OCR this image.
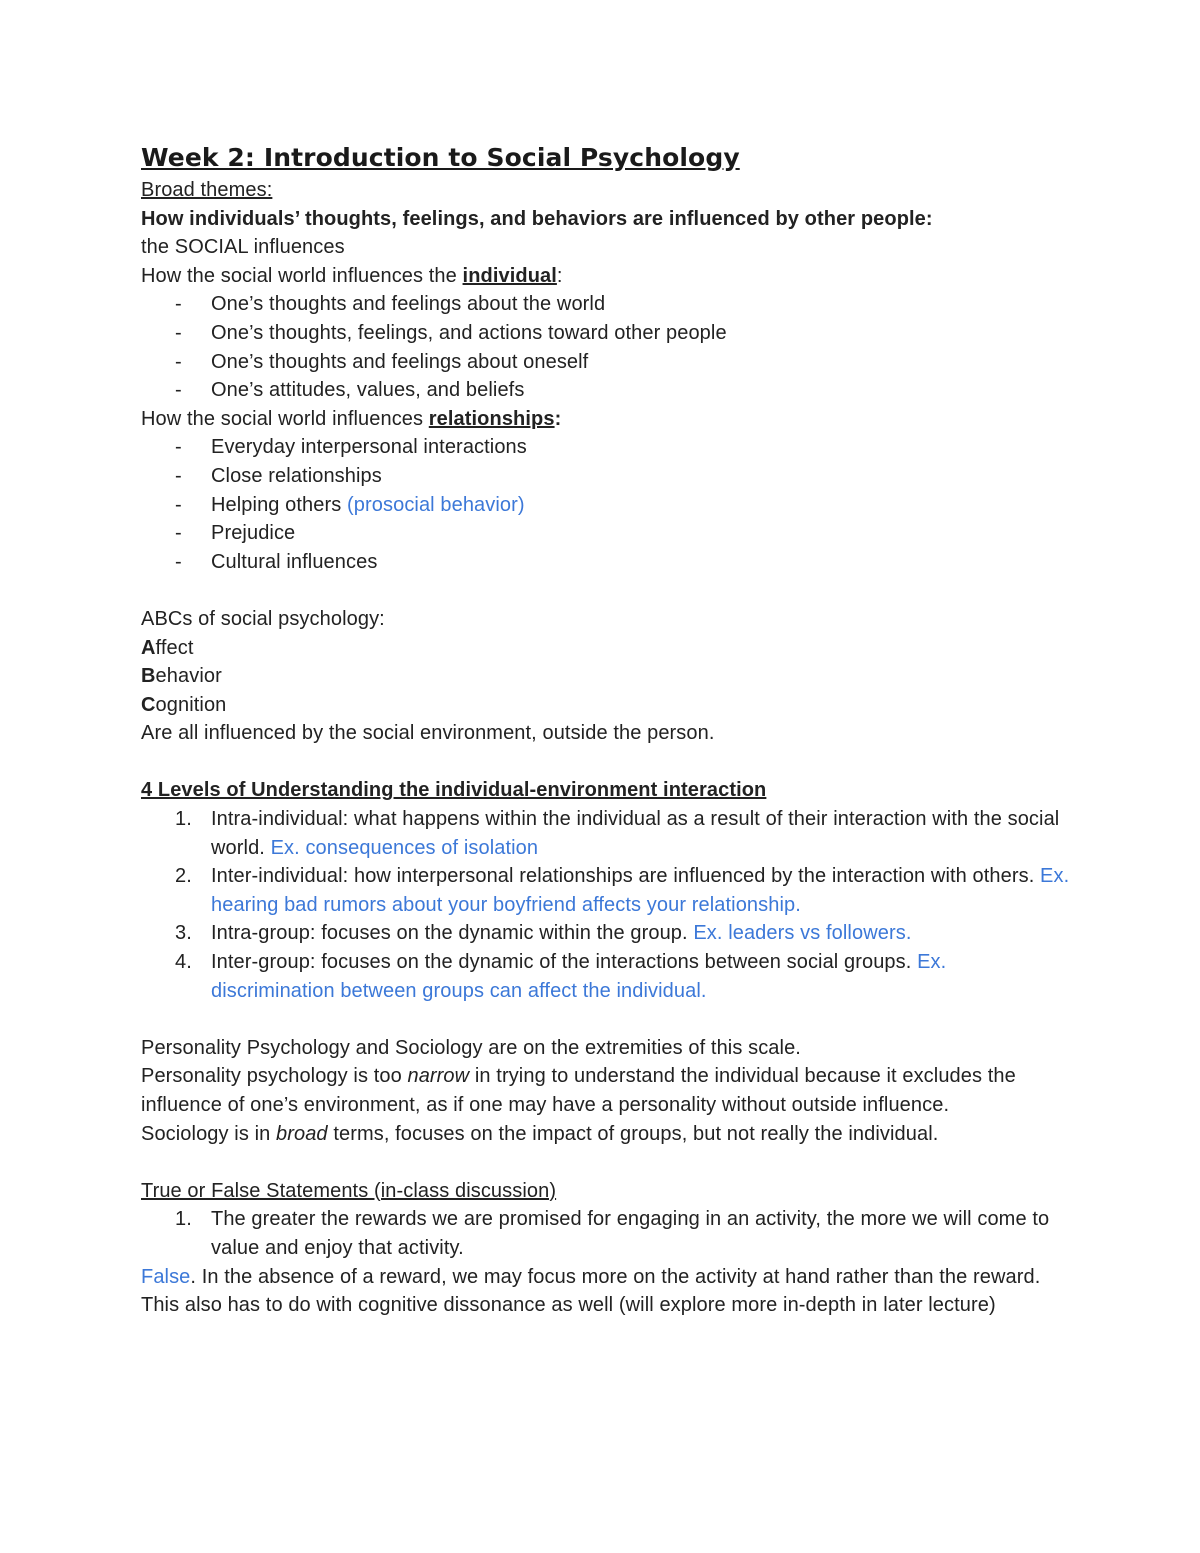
Week 2: Introduction to Social Psychology

Broad themes:

How individuals’ thoughts, feelings, and behaviors are influenced by other people:

the SOCIAL influences

How the social world influences the individual:

-	One’s thoughts and feelings about the world

-	One’s thoughts, feelings, and actions toward other people

-	One’s thoughts and feelings about oneself

-	One’s attitudes, values, and beliefs

How the social world influences relationships:

-	Everyday interpersonal interactions

-	Close relationships

-	Helping others (prosocial behavior)

-	Prejudice

-	Cultural influences

ABCs of social psychology:

Affect

Behavior

Cognition

Are all influenced by the social environment, outside the person.

4 Levels of Understanding the individual-environment interaction

1. Intra-individual: what happens within the individual as a result of their interaction with the social world. Ex. consequences of isolation

2. Inter-individual: how interpersonal relationships are influenced by the interaction with others. Ex. hearing bad rumors about your boyfriend affects your relationship.

3. Intra-group: focuses on the dynamic within the group. Ex. leaders vs followers.

4. Inter-group: focuses on the dynamic of the interactions between social groups. Ex. discrimination between groups can affect the individual.

Personality Psychology and Sociology are on the extremities of this scale.

Personality psychology is too narrow in trying to understand the individual because it excludes the influence of one’s environment, as if one may have a personality without outside influence.

Sociology is in broad terms, focuses on the impact of groups, but not really the individual.

True or False Statements (in-class discussion)

1. The greater the rewards we are promised for engaging in an activity, the more we will come to value and enjoy that activity.

False. In the absence of a reward, we may focus more on the activity at hand rather than the reward. This also has to do with cognitive dissonance as well (will explore more in-depth in later lecture)
